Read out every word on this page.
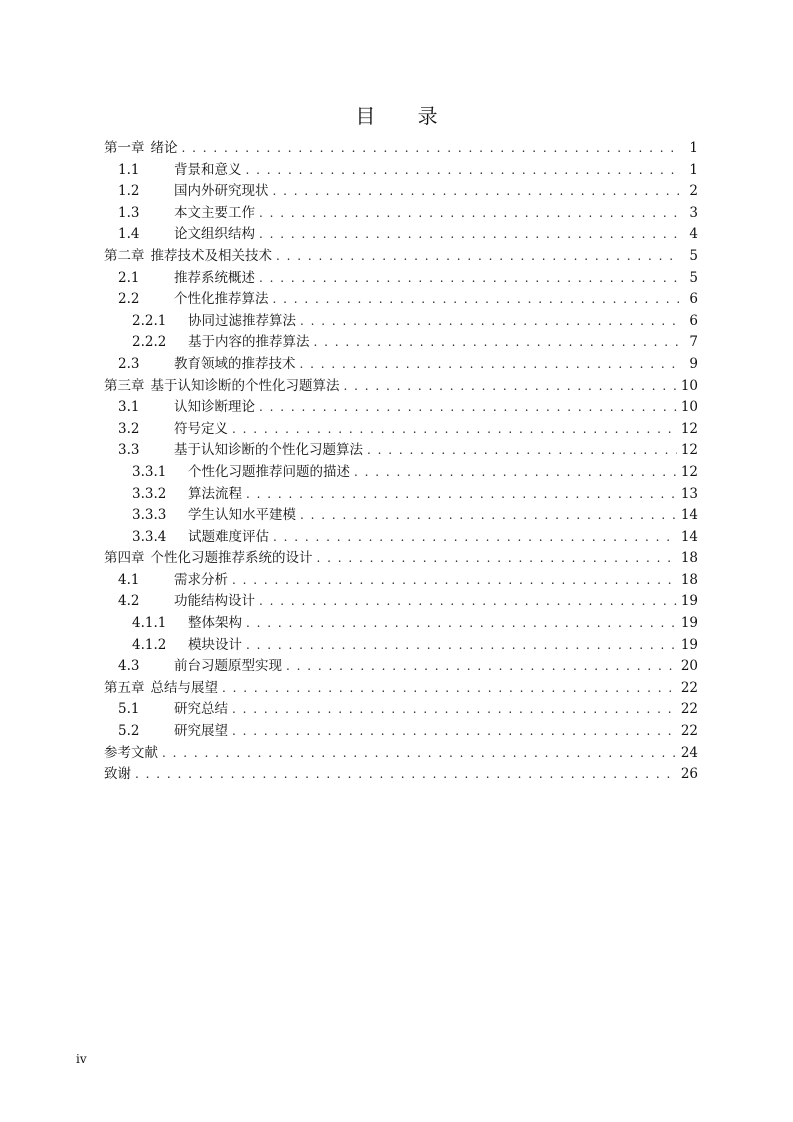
目 录
第一章 绪论 . . .	1
1.1	背景和意义 . . .	1
1.2	国内外研究现状 . . .	2
1.3	本文主要工作 . . .	3
1.4	论文组织结构 . . .	4
第二章 推荐技术及相关技术 . . .	5
2.1	推荐系统概述 . . .	5
2.2	个性化推荐算法 . . .	6
2.2.1	协同过滤推荐算法 . . .	6
2.2.2	基于内容的推荐算法 . . .	7
2.3	教育领域的推荐技术 . . .	9
第三章 基于认知诊断的个性化习题算法 . . .	10
3.1	认知诊断理论 . . .	10
3.2	符号定义 . . .	12
3.3	基于认知诊断的个性化习题算法 . . .	12
3.3.1	个性化习题推荐问题的描述 . . .	12
3.3.2	算法流程 . . .	13
3.3.3	学生认知水平建模 . . .	14
3.3.4	试题难度评估 . . .	14
第四章 个性化习题推荐系统的设计 . . .	18
4.1	需求分析 . . .	18
4.2	功能结构设计 . . .	19
4.1.1	整体架构 . . .	19
4.1.2	模块设计 . . .	19
4.3	前台习题原型实现 . . .	20
第五章 总结与展望 . . .	22
5.1	研究总结 . . .	22
5.2	研究展望 . . .	22
参考文献 . . .	24
致谢 . . .	26
iv
